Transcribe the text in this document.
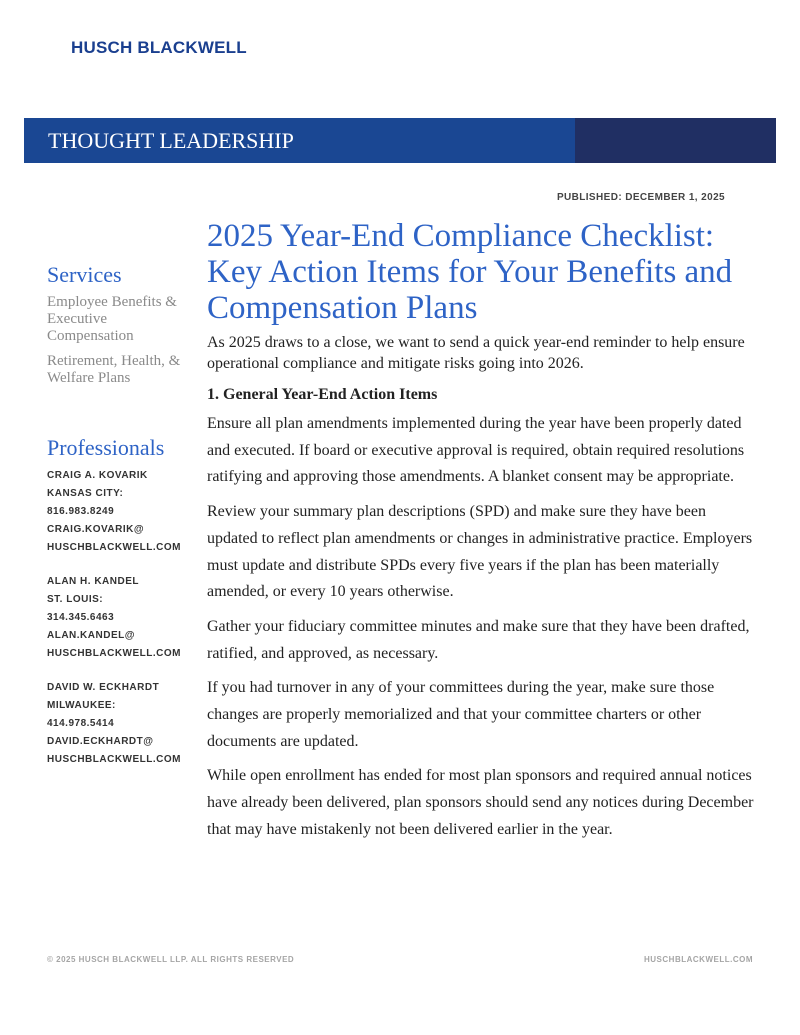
HUSCH BLACKWELL
THOUGHT LEADERSHIP
PUBLISHED: DECEMBER 1, 2025
Services
Employee Benefits & Executive Compensation
Retirement, Health, & Welfare Plans
Professionals
CRAIG A. KOVARIK
KANSAS CITY:
816.983.8249
CRAIG.KOVARIK@
HUSCHBLACKWELL.COM
ALAN H. KANDEL
ST. LOUIS:
314.345.6463
ALAN.KANDEL@
HUSCHBLACKWELL.COM
DAVID W. ECKHARDT
MILWAUKEE:
414.978.5414
DAVID.ECKHARDT@
HUSCHBLACKWELL.COM
2025 Year-End Compliance Checklist: Key Action Items for Your Benefits and Compensation Plans

As 2025 draws to a close, we want to send a quick year-end reminder to help ensure operational compliance and mitigate risks going into 2026.

1. General Year-End Action Items

Ensure all plan amendments implemented during the year have been properly dated and executed. If board or executive approval is required, obtain required resolutions ratifying and approving those amendments. A blanket consent may be appropriate.

Review your summary plan descriptions (SPD) and make sure they have been updated to reflect plan amendments or changes in administrative practice. Employers must update and distribute SPDs every five years if the plan has been materially amended, or every 10 years otherwise.

Gather your fiduciary committee minutes and make sure that they have been drafted, ratified, and approved, as necessary.

If you had turnover in any of your committees during the year, make sure those changes are properly memorialized and that your committee charters or other documents are updated.

While open enrollment has ended for most plan sponsors and required annual notices have already been delivered, plan sponsors should send any notices during December that may have mistakenly not been delivered earlier in the year.

© 2025 HUSCH BLACKWELL LLP. ALL RIGHTS RESERVED	HUSCHBLACKWELL.COM
